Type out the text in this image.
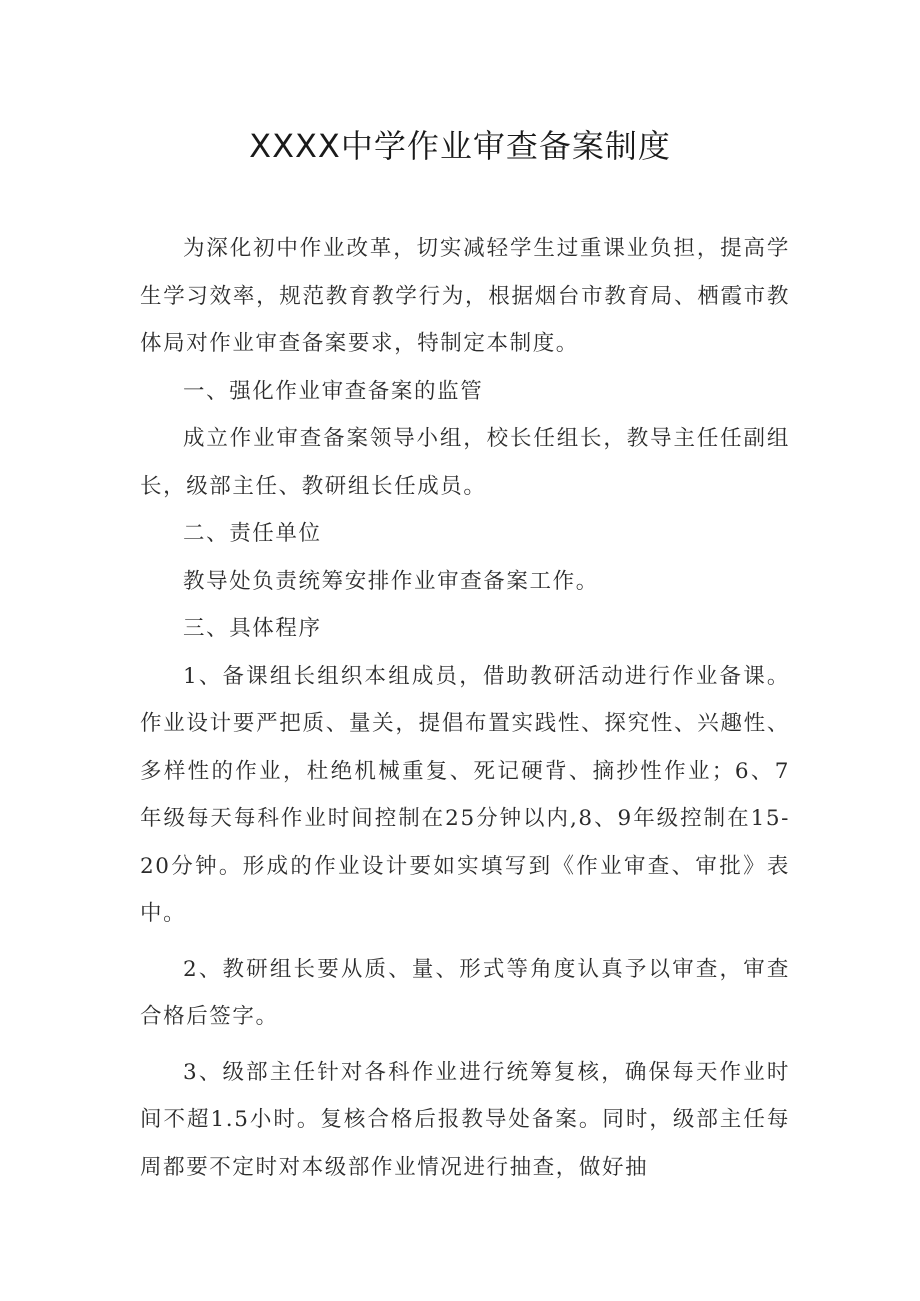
XXXX中学作业审查备案制度

为深化初中作业改革，切实减轻学生过重课业负担，提高学生学习效率，规范教育教学行为，根据烟台市教育局、栖霞市教体局对作业审查备案要求，特制定本制度。

一、强化作业审查备案的监管

成立作业审查备案领导小组，校长任组长，教导主任任副组长，级部主任、教研组长任成员。

二、责任单位

教导处负责统筹安排作业审查备案工作。

三、具体程序

1、备课组长组织本组成员，借助教研活动进行作业备课。作业设计要严把质、量关，提倡布置实践性、探究性、兴趣性、多样性的作业，杜绝机械重复、死记硬背、摘抄性作业；6、7年级每天每科作业时间控制在25分钟以内,8、9年级控制在15-20分钟。形成的作业设计要如实填写到《作业审查、审批》表中。

2、教研组长要从质、量、形式等角度认真予以审查，审查合格后签字。

3、级部主任针对各科作业进行统筹复核，确保每天作业时间不超1.5小时。复核合格后报教导处备案。同时，级部主任每周都要不定时对本级部作业情况进行抽查，做好抽
